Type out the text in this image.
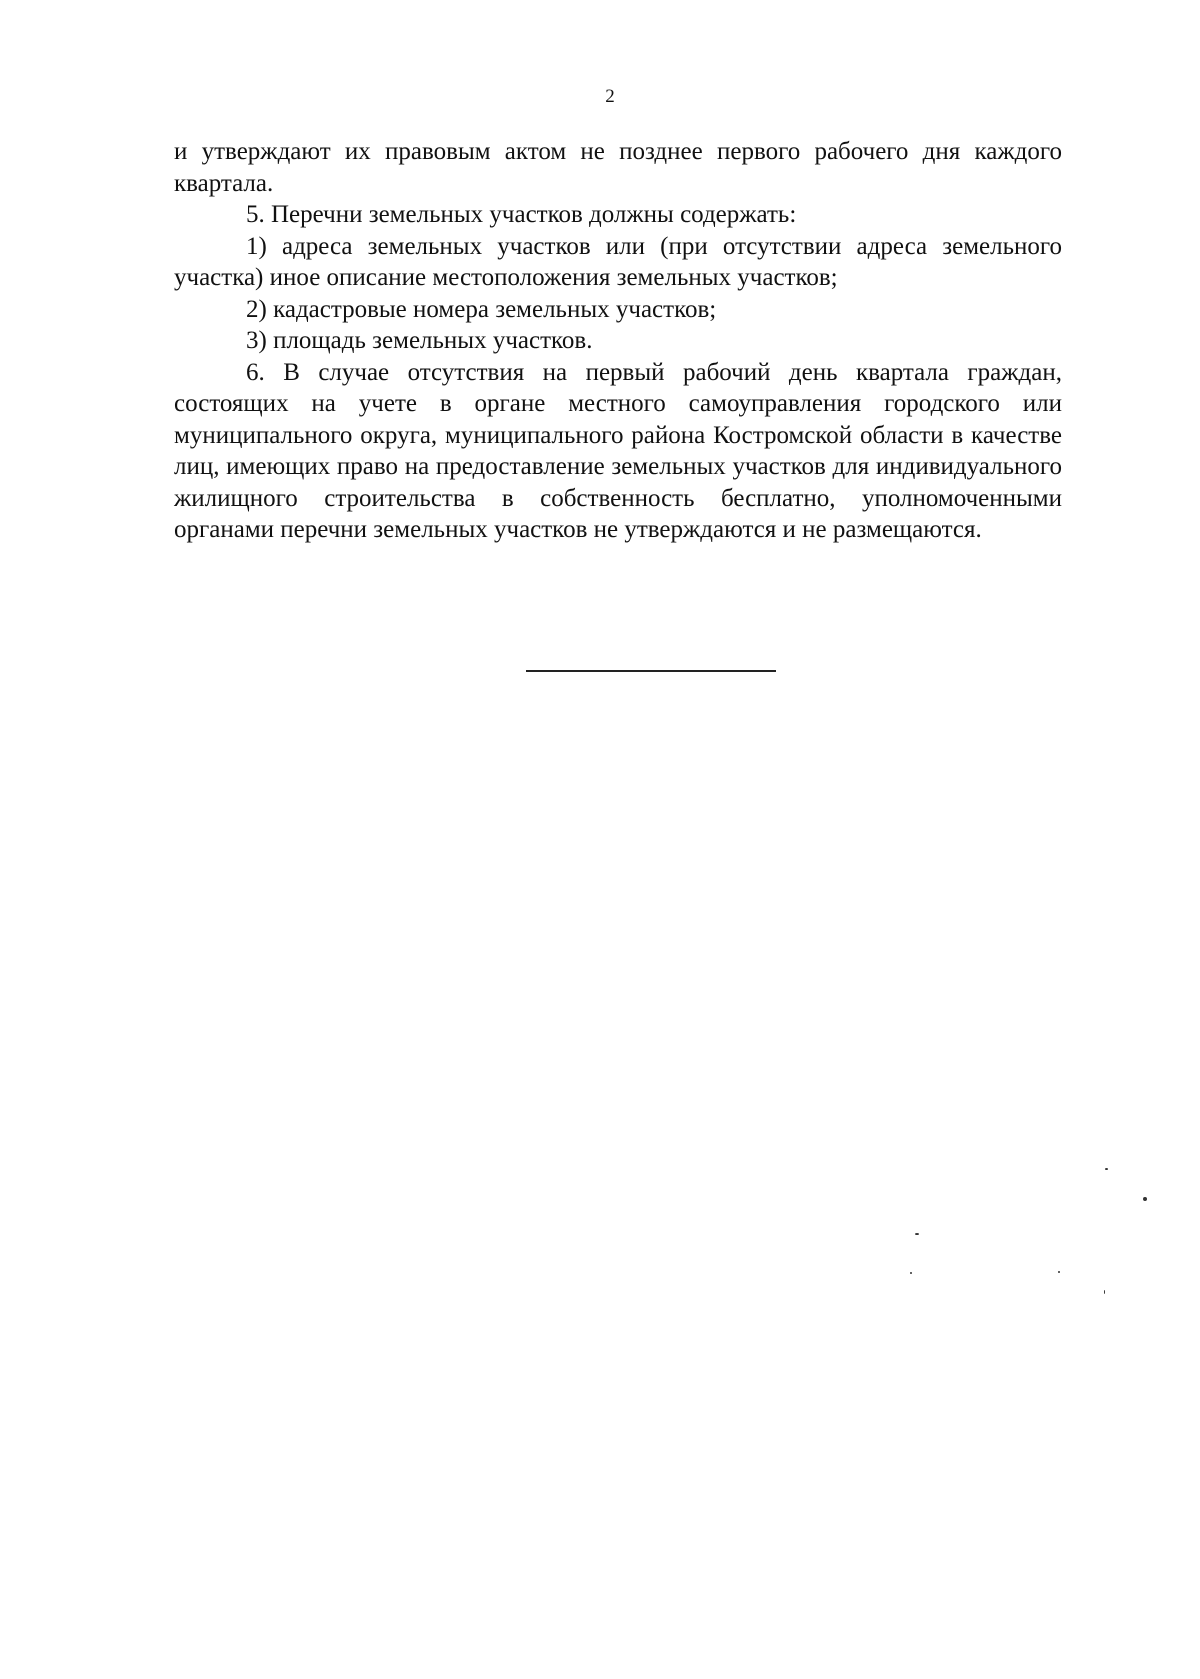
2

и утверждают их правовым актом не позднее первого рабочего дня каждого квартала.

5. Перечни земельных участков должны содержать:

1) адреса земельных участков или (при отсутствии адреса земельного участка) иное описание местоположения земельных участков;

2) кадастровые номера земельных участков;

3) площадь земельных участков.

6. В случае отсутствия на первый рабочий день квартала граждан, состоящих на учете в органе местного самоуправления городского или муниципального округа, муниципального района Костромской области в качестве лиц, имеющих право на предоставление земельных участков для индивидуального жилищного строительства в собственность бесплатно, уполномоченными органами перечни земельных участков не утверждаются и не размещаются.
